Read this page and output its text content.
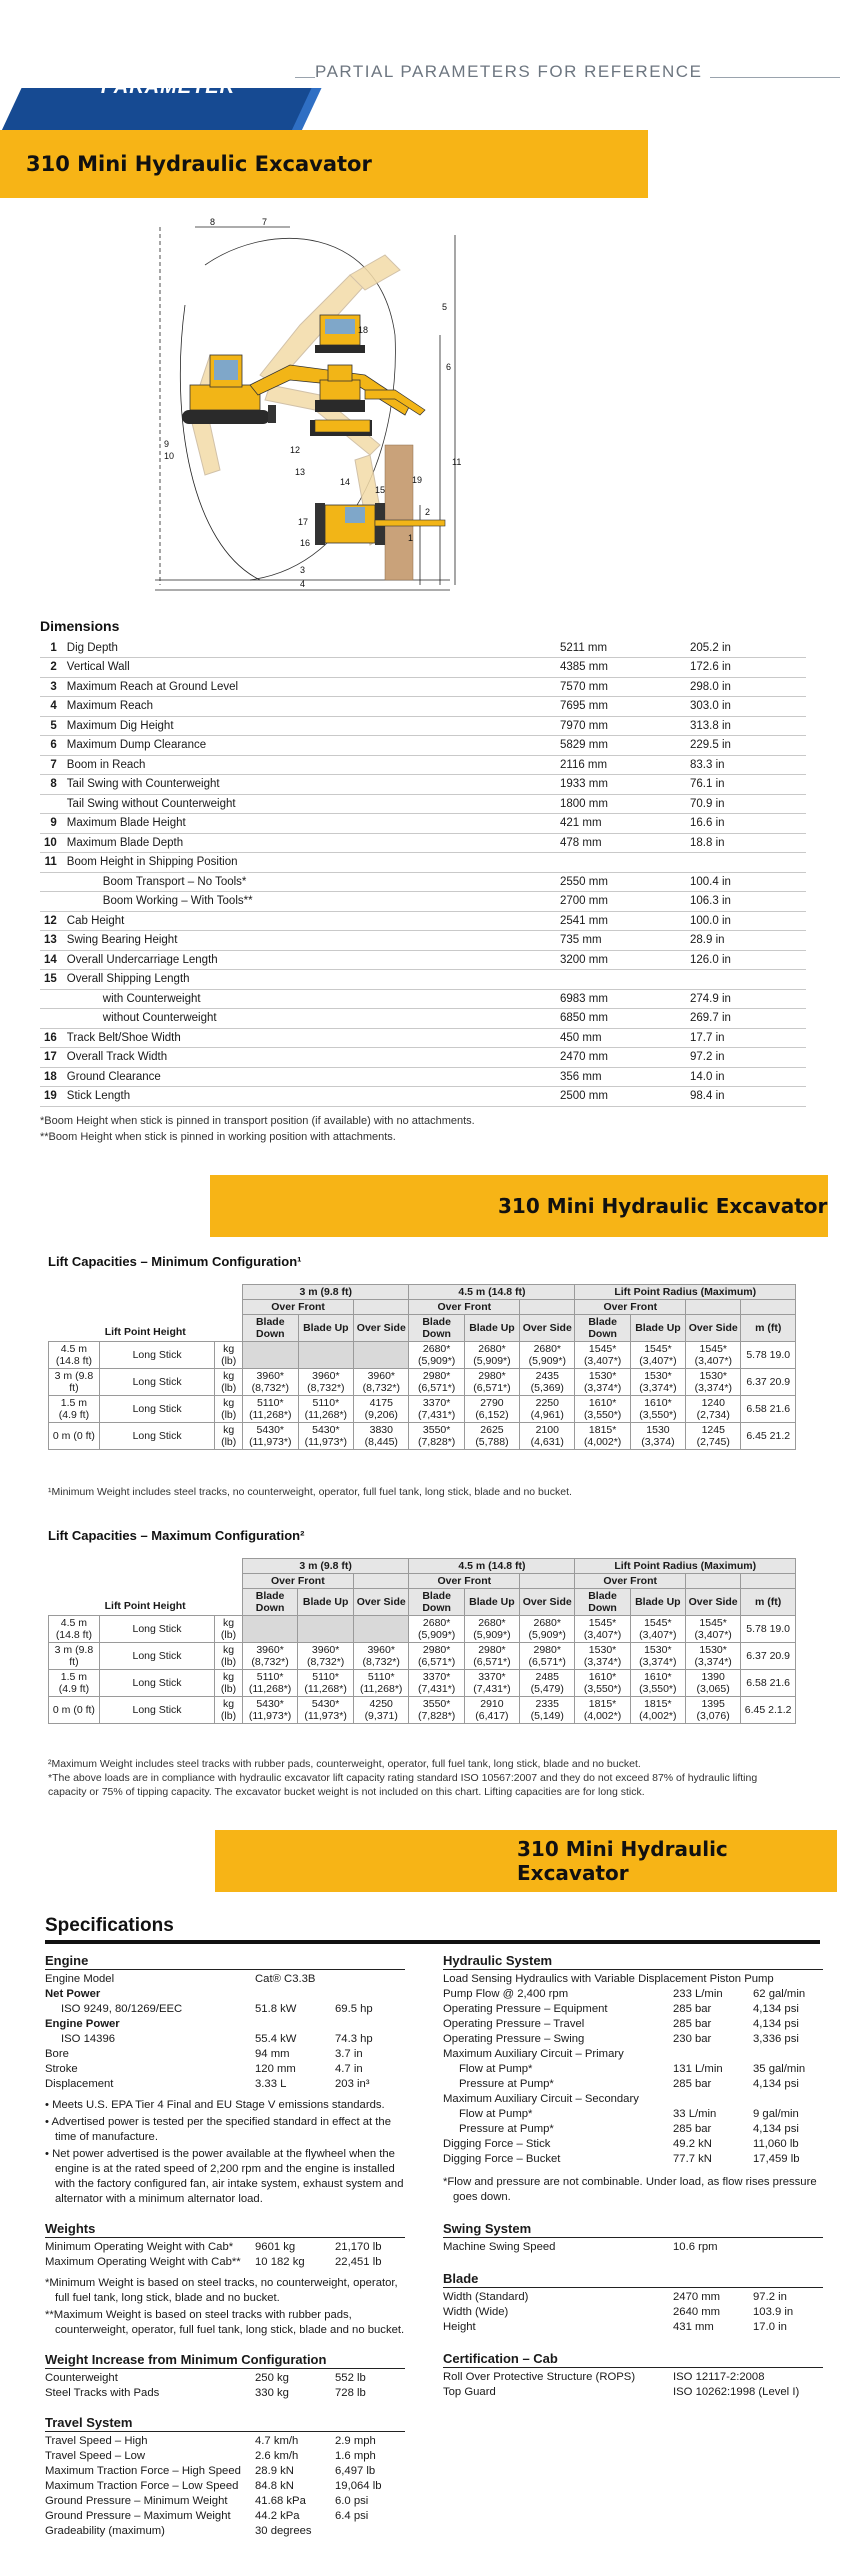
TECHNICAL
PARAMETER
PARTIAL PARAMETERS FOR REFERENCE
310 Mini Hydraulic Excavator
1
2
3
4
5
6
7
8
9
10
11
12
13
14
15
16
17
18
19
Dimensions
1	Dig Depth	5211 mm	205.2 in
2	Vertical Wall	4385 mm	172.6 in
3	Maximum Reach at Ground Level	7570 mm	298.0 in
4	Maximum Reach	7695 mm	303.0 in
5	Maximum Dig Height	7970 mm	313.8 in
6	Maximum Dump Clearance	5829 mm	229.5 in
7	Boom in Reach	2116 mm	83.3 in
8	Tail Swing with Counterweight	1933 mm	76.1 in
	Tail Swing without Counterweight	1800 mm	70.9 in
9	Maximum Blade Height	421 mm	16.6 in
10	Maximum Blade Depth	478 mm	18.8 in
11	Boom Height in Shipping Position		
	Boom Transport – No Tools*	2550 mm	100.4 in
	Boom Working – With Tools**	2700 mm	106.3 in
12	Cab Height	2541 mm	100.0 in
13	Swing Bearing Height	735 mm	28.9 in
14	Overall Undercarriage Length	3200 mm	126.0 in
15	Overall Shipping Length		
	with Counterweight	6983 mm	274.9 in
	without Counterweight	6850 mm	269.7 in
16	Track Belt/Shoe Width	450 mm	17.7 in
17	Overall Track Width	2470 mm	97.2 in
18	Ground Clearance	356 mm	14.0 in
19	Stick Length	2500 mm	98.4 in
*Boom Height when stick is pinned in transport position (if available) with no attachments.
**Boom Height when stick is pinned in working position with attachments.
310 Mini Hydraulic Excavator
Lift Capacities – Minimum Configuration¹
Lift Point Height			3 m (9.8 ft)			4.5 m (14.8 ft)			Lift Point Radius (Maximum)			
			Over Front			Over Front			Over Front			
			Blade Down	Blade Up	Over Side	Blade Down	Blade Up	Over Side	Blade Down	Blade Up	Over Side	m (ft)
4.5 m (14.8 ft)	Long Stick	kg (lb)				2680* (5,909*)	2680* (5,909*)	2680* (5,909*)	1545* (3,407*)	1545* (3,407*)	1545* (3,407*)	5.78 19.0
3 m (9.8 ft)	Long Stick	kg (lb)	3960* (8,732*)	3960* (8,732*)	3960* (8,732*)	2980* (6,571*)	2980* (6,571*)	2435 (5,369)	1530* (3,374*)	1530* (3,374*)	1530* (3,374*)	6.37 20.9
1.5 m (4.9 ft)	Long Stick	kg (lb)	5110* (11,268*)	5110* (11,268*)	4175 (9,206)	3370* (7,431*)	2790 (6,152)	2250 (4,961)	1610* (3,550*)	1610* (3,550*)	1240 (2,734)	6.58 21.6
0 m (0 ft)	Long Stick	kg (lb)	5430* (11,973*)	5430* (11,973*)	3830 (8,445)	3550* (7,828*)	2625 (5,788)	2100 (4,631)	1815* (4,002*)	1530 (3,374)	1245 (2,745)	6.45 21.2
¹Minimum Weight includes steel tracks, no counterweight, operator, full fuel tank, long stick, blade and no bucket.
Lift Capacities – Maximum Configuration²
Lift Point Height			3 m (9.8 ft)			4.5 m (14.8 ft)			Lift Point Radius (Maximum)			
			Over Front			Over Front			Over Front			
			Blade Down	Blade Up	Over Side	Blade Down	Blade Up	Over Side	Blade Down	Blade Up	Over Side	m (ft)
4.5 m (14.8 ft)	Long Stick	kg (lb)				2680* (5,909*)	2680* (5,909*)	2680* (5,909*)	1545* (3,407*)	1545* (3,407*)	1545* (3,407*)	5.78 19.0
3 m (9.8 ft)	Long Stick	kg (lb)	3960* (8,732*)	3960* (8,732*)	3960* (8,732*)	2980* (6,571*)	2980* (6,571*)	2980* (6,571*)	1530* (3,374*)	1530* (3,374*)	1530* (3,374*)	6.37 20.9
1.5 m (4.9 ft)	Long Stick	kg (lb)	5110* (11,268*)	5110* (11,268*)	5110* (11,268*)	3370* (7,431*)	3370* (7,431*)	2485 (5,479)	1610* (3,550*)	1610* (3,550*)	1390 (3,065)	6.58 21.6
0 m (0 ft)	Long Stick	kg (lb)	5430* (11,973*)	5430* (11,973*)	4250 (9,371)	3550* (7,828*)	2910 (6,417)	2335 (5,149)	1815* (4,002*)	1815* (4,002*)	1395 (3,076)	6.45 2.1.2
²Maximum Weight includes steel tracks with rubber pads, counterweight, operator, full fuel tank, long stick, blade and no bucket.
*The above loads are in compliance with hydraulic excavator lift capacity rating standard ISO 10567:2007 and they do not exceed 87% of hydraulic lifting capacity or 75% of tipping capacity. The excavator bucket weight is not included on this chart. Lifting capacities are for long stick.
310 Mini Hydraulic Excavator
Specifications
Engine
Engine Model	Cat® C3.3B
Net Power
ISO 9249, 80/1269/EEC	51.8 kW	69.5 hp
Engine Power
ISO 14396	55.4 kW	74.3 hp
Bore	94 mm	3.7 in
Stroke	120 mm	4.7 in
Displacement	3.33 L	203 in³
• Meets U.S. EPA Tier 4 Final and EU Stage V emissions standards.
• Advertised power is tested per the specified standard in effect at the time of manufacture.
• Net power advertised is the power available at the flywheel when the engine is at the rated speed of 2,200 rpm and the engine is installed with the factory configured fan, air intake system, exhaust system and alternator with a minimum alternator load.
Weights
Minimum Operating Weight with Cab*	9601 kg	21,170 lb
Maximum Operating Weight with Cab**	10 182 kg	22,451 lb
*Minimum Weight is based on steel tracks, no counterweight, operator, full fuel tank, long stick, blade and no bucket.
**Maximum Weight is based on steel tracks with rubber pads, counterweight, operator, full fuel tank, long stick, blade and no bucket.
Weight Increase from Minimum Configuration
Counterweight	250 kg	552 lb
Steel Tracks with Pads	330 kg	728 lb
Travel System
Travel Speed – High	4.7 km/h	2.9 mph
Travel Speed – Low	2.6 km/h	1.6 mph
Maximum Traction Force – High Speed	28.9 kN	6,497 lb
Maximum Traction Force – Low Speed	84.8 kN	19,064 lb
Ground Pressure – Minimum Weight	41.68 kPa	6.0 psi
Ground Pressure – Maximum Weight	44.2 kPa	6.4 psi
Gradeability (maximum)	30 degrees
Hydraulic System
Load Sensing Hydraulics with Variable Displacement Piston Pump
Pump Flow @ 2,400 rpm	233 L/min	62 gal/min
Operating Pressure – Equipment	285 bar	4,134 psi
Operating Pressure – Travel	285 bar	4,134 psi
Operating Pressure – Swing	230 bar	3,336 psi
Maximum Auxiliary Circuit – Primary
Flow at Pump*	131 L/min	35 gal/min
Pressure at Pump*	285 bar	4,134 psi
Maximum Auxiliary Circuit – Secondary
Flow at Pump*	33 L/min	9 gal/min
Pressure at Pump*	285 bar	4,134 psi
Digging Force – Stick	49.2 kN	11,060 lb
Digging Force – Bucket	77.7 kN	17,459 lb
*Flow and pressure are not combinable. Under load, as flow rises pressure goes down.
Swing System
Machine Swing Speed	10.6 rpm
Blade
Width (Standard)	2470 mm	97.2 in
Width (Wide)	2640 mm	103.9 in
Height	431 mm	17.0 in
Certification – Cab
Roll Over Protective Structure (ROPS)	ISO 12117-2:2008
Top Guard	ISO 10262:1998 (Level I)
